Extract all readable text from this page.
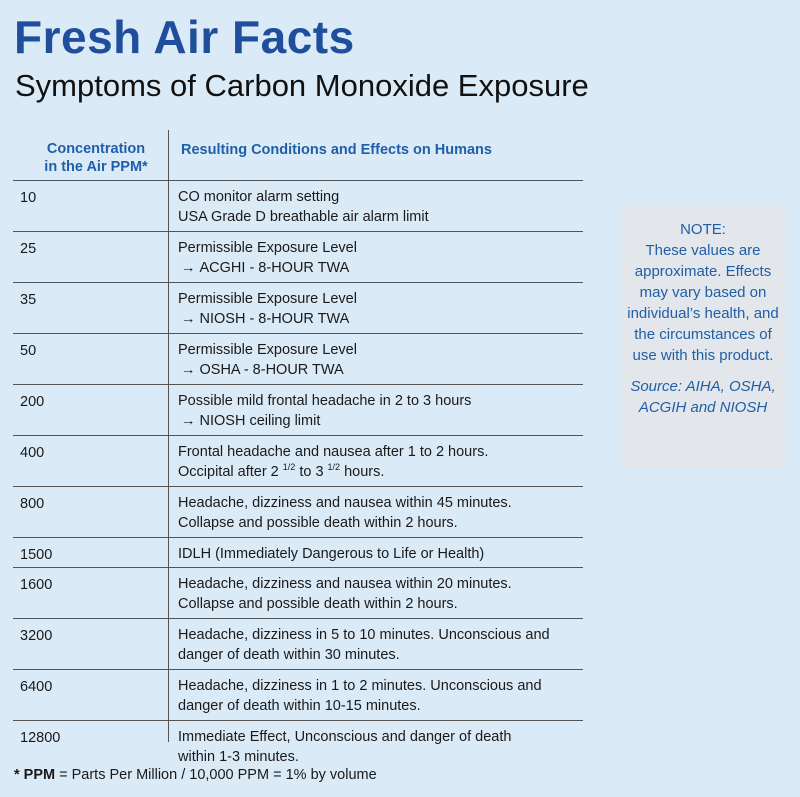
Fresh Air Facts
Symptoms of Carbon Monoxide Exposure
Concentration
in the Air PPM*
Resulting Conditions and Effects on Humans
10	CO monitor alarm setting
USA Grade D breathable air alarm limit
25	Permissible Exposure Level
→ ACGHI - 8-HOUR TWA
35	Permissible Exposure Level
→ NIOSH - 8-HOUR TWA
50	Permissible Exposure Level
→ OSHA - 8-HOUR TWA
200	Possible mild frontal headache in 2 to 3 hours
→ NIOSH ceiling limit
400	Frontal headache and nausea after 1 to 2 hours.
Occipital after 2 $^{1/2}$ to 3 $^{1/2}$ hours.
800	Headache, dizziness and nausea within 45 minutes.
Collapse and possible death within 2 hours.
1500	IDLH (Immediately Dangerous to Life or Health)
1600	Headache, dizziness and nausea within 20 minutes.
Collapse and possible death within 2 hours.
3200	Headache, dizziness in 5 to 10 minutes. Unconscious and
danger of death within 30 minutes.
6400	Headache, dizziness in 1 to 2 minutes. Unconscious and
danger of death within 10-15 minutes.
12800	Immediate Effect, Unconscious and danger of death
within 1-3 minutes.
NOTE:
These values are
approximate. Effects
may vary based on
individual’s health, and
the circumstances of
use with this product.
Source: AIHA, OSHA,
ACGIH and NIOSH
* PPM = Parts Per Million / 10,000 PPM = 1% by volume
